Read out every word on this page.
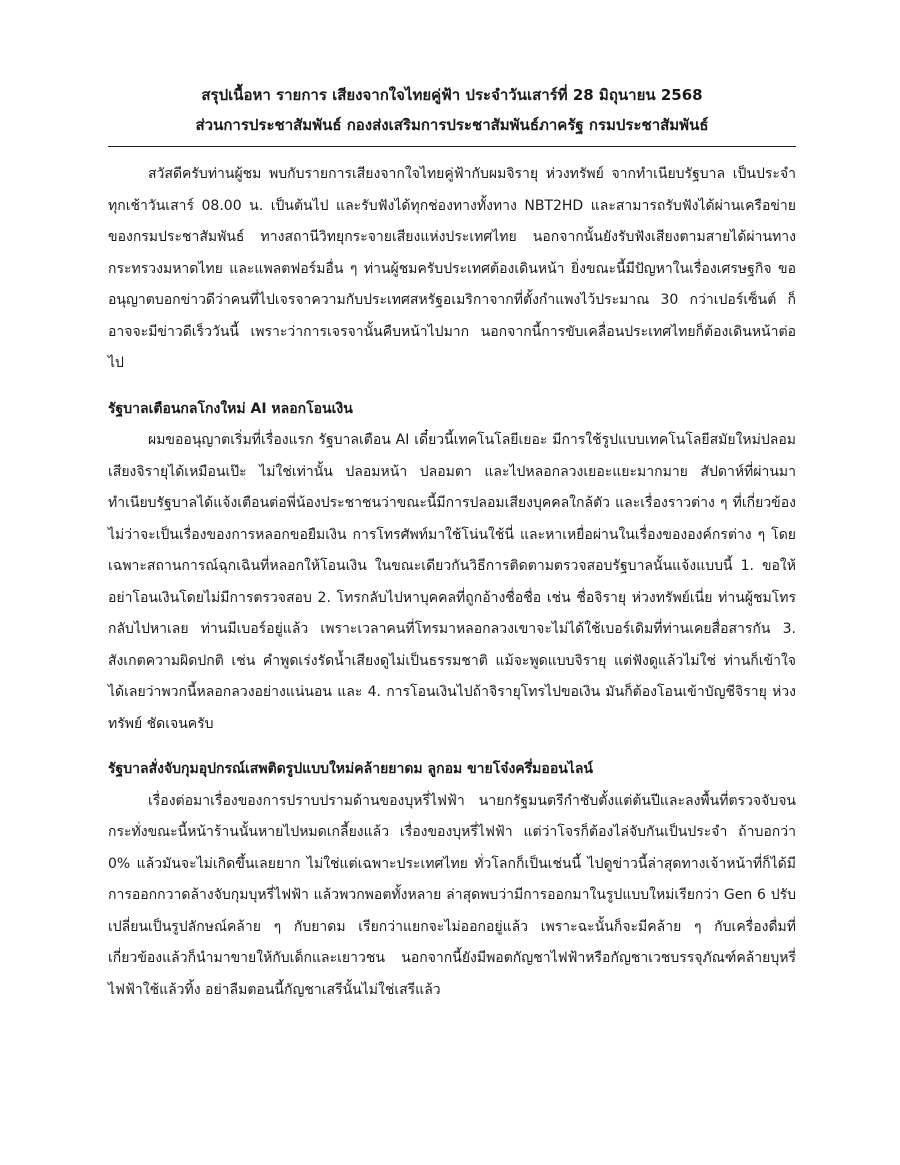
สรุปเนื้อหา รายการ เสียงจากใจไทยคู่ฟ้า ประจำวันเสาร์ที่ 28 มิถุนายน 2568

ส่วนการประชาสัมพันธ์ กองส่งเสริมการประชาสัมพันธ์ภาครัฐ กรมประชาสัมพันธ์

สวัสดีครับท่านผู้ชม พบกับรายการเสียงจากใจไทยคู่ฟ้ากับผมจิรายุ ห่วงทรัพย์ จากทำเนียบรัฐบาล เป็นประจำทุกเช้าวันเสาร์ 08.00 น. เป็นต้นไป และรับฟังได้ทุกช่องทางทั้งทาง NBT2HD และสามารถรับฟังได้ผ่านเครือข่ายของกรมประชาสัมพันธ์ ทางสถานีวิทยุกระจายเสียงแห่งประเทศไทย นอกจากนั้นยังรับฟังเสียงตามสายได้ผ่านทางกระทรวงมหาดไทย และแพลตฟอร์มอื่น ๆ ท่านผู้ชมครับประเทศต้องเดินหน้า ยิ่งขณะนี้มีปัญหาในเรื่องเศรษฐกิจ ขออนุญาตบอกข่าวดีว่าคนที่ไปเจรจาความกับประเทศสหรัฐอเมริกาจากที่ตั้งกำแพงไว้ประมาณ 30 กว่าเปอร์เซ็นต์ ก็อาจจะมีข่าวดีเร็ววันนี้ เพราะว่าการเจรจานั้นคืบหน้าไปมาก นอกจากนี้การขับเคลื่อนประเทศไทยก็ต้องเดินหน้าต่อไป

รัฐบาลเตือนกลโกงใหม่ AI หลอกโอนเงิน

ผมขออนุญาตเริ่มที่เรื่องแรก รัฐบาลเตือน AI เดี๋ยวนี้เทคโนโลยีเยอะ มีการใช้รูปแบบเทคโนโลยีสมัยใหม่ปลอมเสียงจิรายุได้เหมือนเป๊ะ ไม่ใช่เท่านั้น ปลอมหน้า ปลอมตา และไปหลอกลวงเยอะแยะมากมาย สัปดาห์ที่ผ่านมาทำเนียบรัฐบาลได้แจ้งเตือนต่อพี่น้องประชาชนว่าขณะนี้มีการปลอมเสียงบุคคลใกล้ตัว และเรื่องราวต่าง ๆ ที่เกี่ยวข้องไม่ว่าจะเป็นเรื่องของการหลอกขอยืมเงิน การโทรศัพท์มาใช้โน่นใช้นี่ และหาเหยื่อผ่านในเรื่องขององค์กรต่าง ๆ โดยเฉพาะสถานการณ์ฉุกเฉินที่หลอกให้โอนเงิน ในขณะเดียวกันวิธีการติดตามตรวจสอบรัฐบาลนั้นแจ้งแบบนี้ 1. ขอให้อย่าโอนเงินโดยไม่มีการตรวจสอบ 2. โทรกลับไปหาบุคคลที่ถูกอ้างชื่อชื่อ เช่น ชื่อจิรายุ ห่วงทรัพย์เนี่ย ท่านผู้ชมโทรกลับไปหาเลย ท่านมีเบอร์อยู่แล้ว เพราะเวลาคนที่โทรมาหลอกลวงเขาจะไม่ได้ใช้เบอร์เดิมที่ท่านเคยสื่อสารกัน 3. สังเกตความผิดปกติ เช่น คำพูดเร่งรัดน้ำเสียงดูไม่เป็นธรรมชาติ แม้จะพูดแบบจิรายุ แต่ฟังดูแล้วไม่ใช่ ท่านก็เข้าใจได้เลยว่าพวกนี้หลอกลวงอย่างแน่นอน และ 4. การโอนเงินไปถ้าจิรายุโทรไปขอเงิน มันก็ต้องโอนเข้าบัญชีจิรายุ ห่วงทรัพย์ ชัดเจนครับ

รัฐบาลสั่งจับกุมอุปกรณ์เสพติดรูปแบบใหม่คล้ายยาดม ลูกอม ขายโจ๋งครึ่มออนไลน์

เรื่องต่อมาเรื่องของการปราบปรามด้านของบุหรี่ไฟฟ้า นายกรัฐมนตรีกำชับตั้งแต่ต้นปีและลงพื้นที่ตรวจจับจนกระทั่งขณะนี้หน้าร้านนั้นหายไปหมดเกลี้ยงแล้ว เรื่องของบุหรี่ไฟฟ้า แต่ว่าโจรก็ต้องไล่จับกันเป็นประจำ ถ้าบอกว่า 0% แล้วมันจะไม่เกิดขึ้นเลยยาก ไม่ใช่แต่เฉพาะประเทศไทย ทั่วโลกก็เป็นเช่นนี้ ไปดูข่าวนี้ล่าสุดทางเจ้าหน้าที่ก็ได้มีการออกกวาดล้างจับกุมบุหรี่ไฟฟ้า แล้วพวกพอตทั้งหลาย ล่าสุดพบว่ามีการออกมาในรูปแบบใหม่เรียกว่า Gen 6 ปรับเปลี่ยนเป็นรูปลักษณ์คล้าย ๆ กับยาดม เรียกว่าแยกจะไม่ออกอยู่แล้ว เพราะฉะนั้นก็จะมีคล้าย ๆ กับเครื่องดื่มที่เกี่ยวข้องแล้วก็นำมาขายให้กับเด็กและเยาวชน นอกจากนี้ยังมีพอตกัญชาไฟฟ้าหรือกัญชาเวชบรรจุภัณฑ์คล้ายบุหรี่ไฟฟ้าใช้แล้วทิ้ง อย่าลืมตอนนี้กัญชาเสรีนั้นไม่ใช่เสรีแล้ว
